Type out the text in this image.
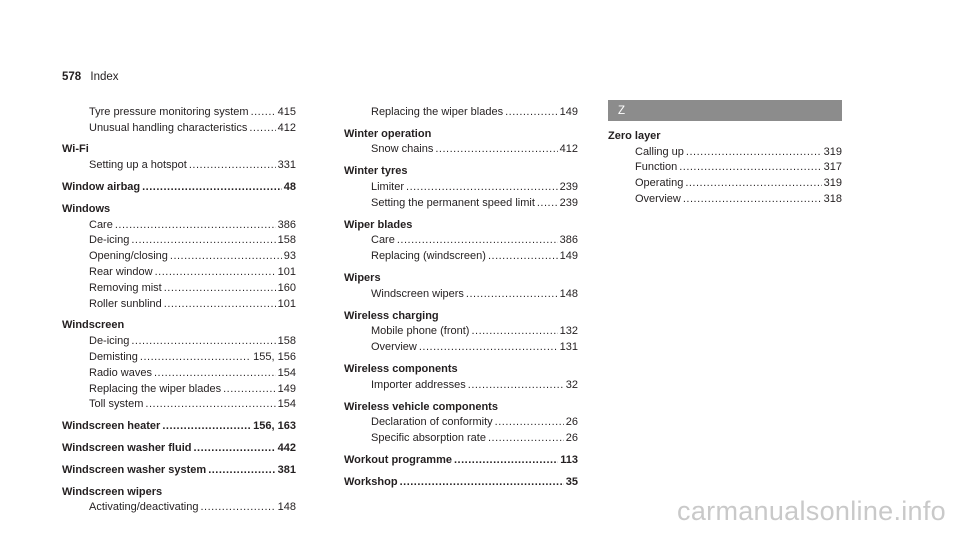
578 Index
Tyre pressure monitoring system .....	415
Unusual handling characteristics .....	412
Wi-Fi
Setting up a hotspot .....	331
Window airbag .....	48
Windows
Care .....	386
De-icing .....	158
Opening/closing .....	93
Rear window .....	101
Removing mist .....	160
Roller sunblind .....	101
Windscreen
De-icing .....	158
Demisting .....	155, 156
Radio waves .....	154
Replacing the wiper blades .....	149
Toll system .....	154
Windscreen heater .....	156, 163
Windscreen washer fluid .....	442
Windscreen washer system .....	381
Windscreen wipers
Activating/deactivating .....	148
Replacing the wiper blades .....	149
Winter operation
Snow chains .....	412
Winter tyres
Limiter .....	239
Setting the permanent speed limit ..... 239
Wiper blades
Care .....	386
Replacing (windscreen) .....	149
Wipers
Windscreen wipers .....	148
Wireless charging
Mobile phone (front) .....	132
Overview .....	131
Wireless components
Importer addresses .....	32
Wireless vehicle components
Declaration of conformity .....	26
Specific absorption rate .....	26
Workout programme .....	113
Workshop .....	35
Z
Zero layer
Calling up .....	319
Function .....	317
Operating .....	319
Overview .....	318
carmanualsonline.info
